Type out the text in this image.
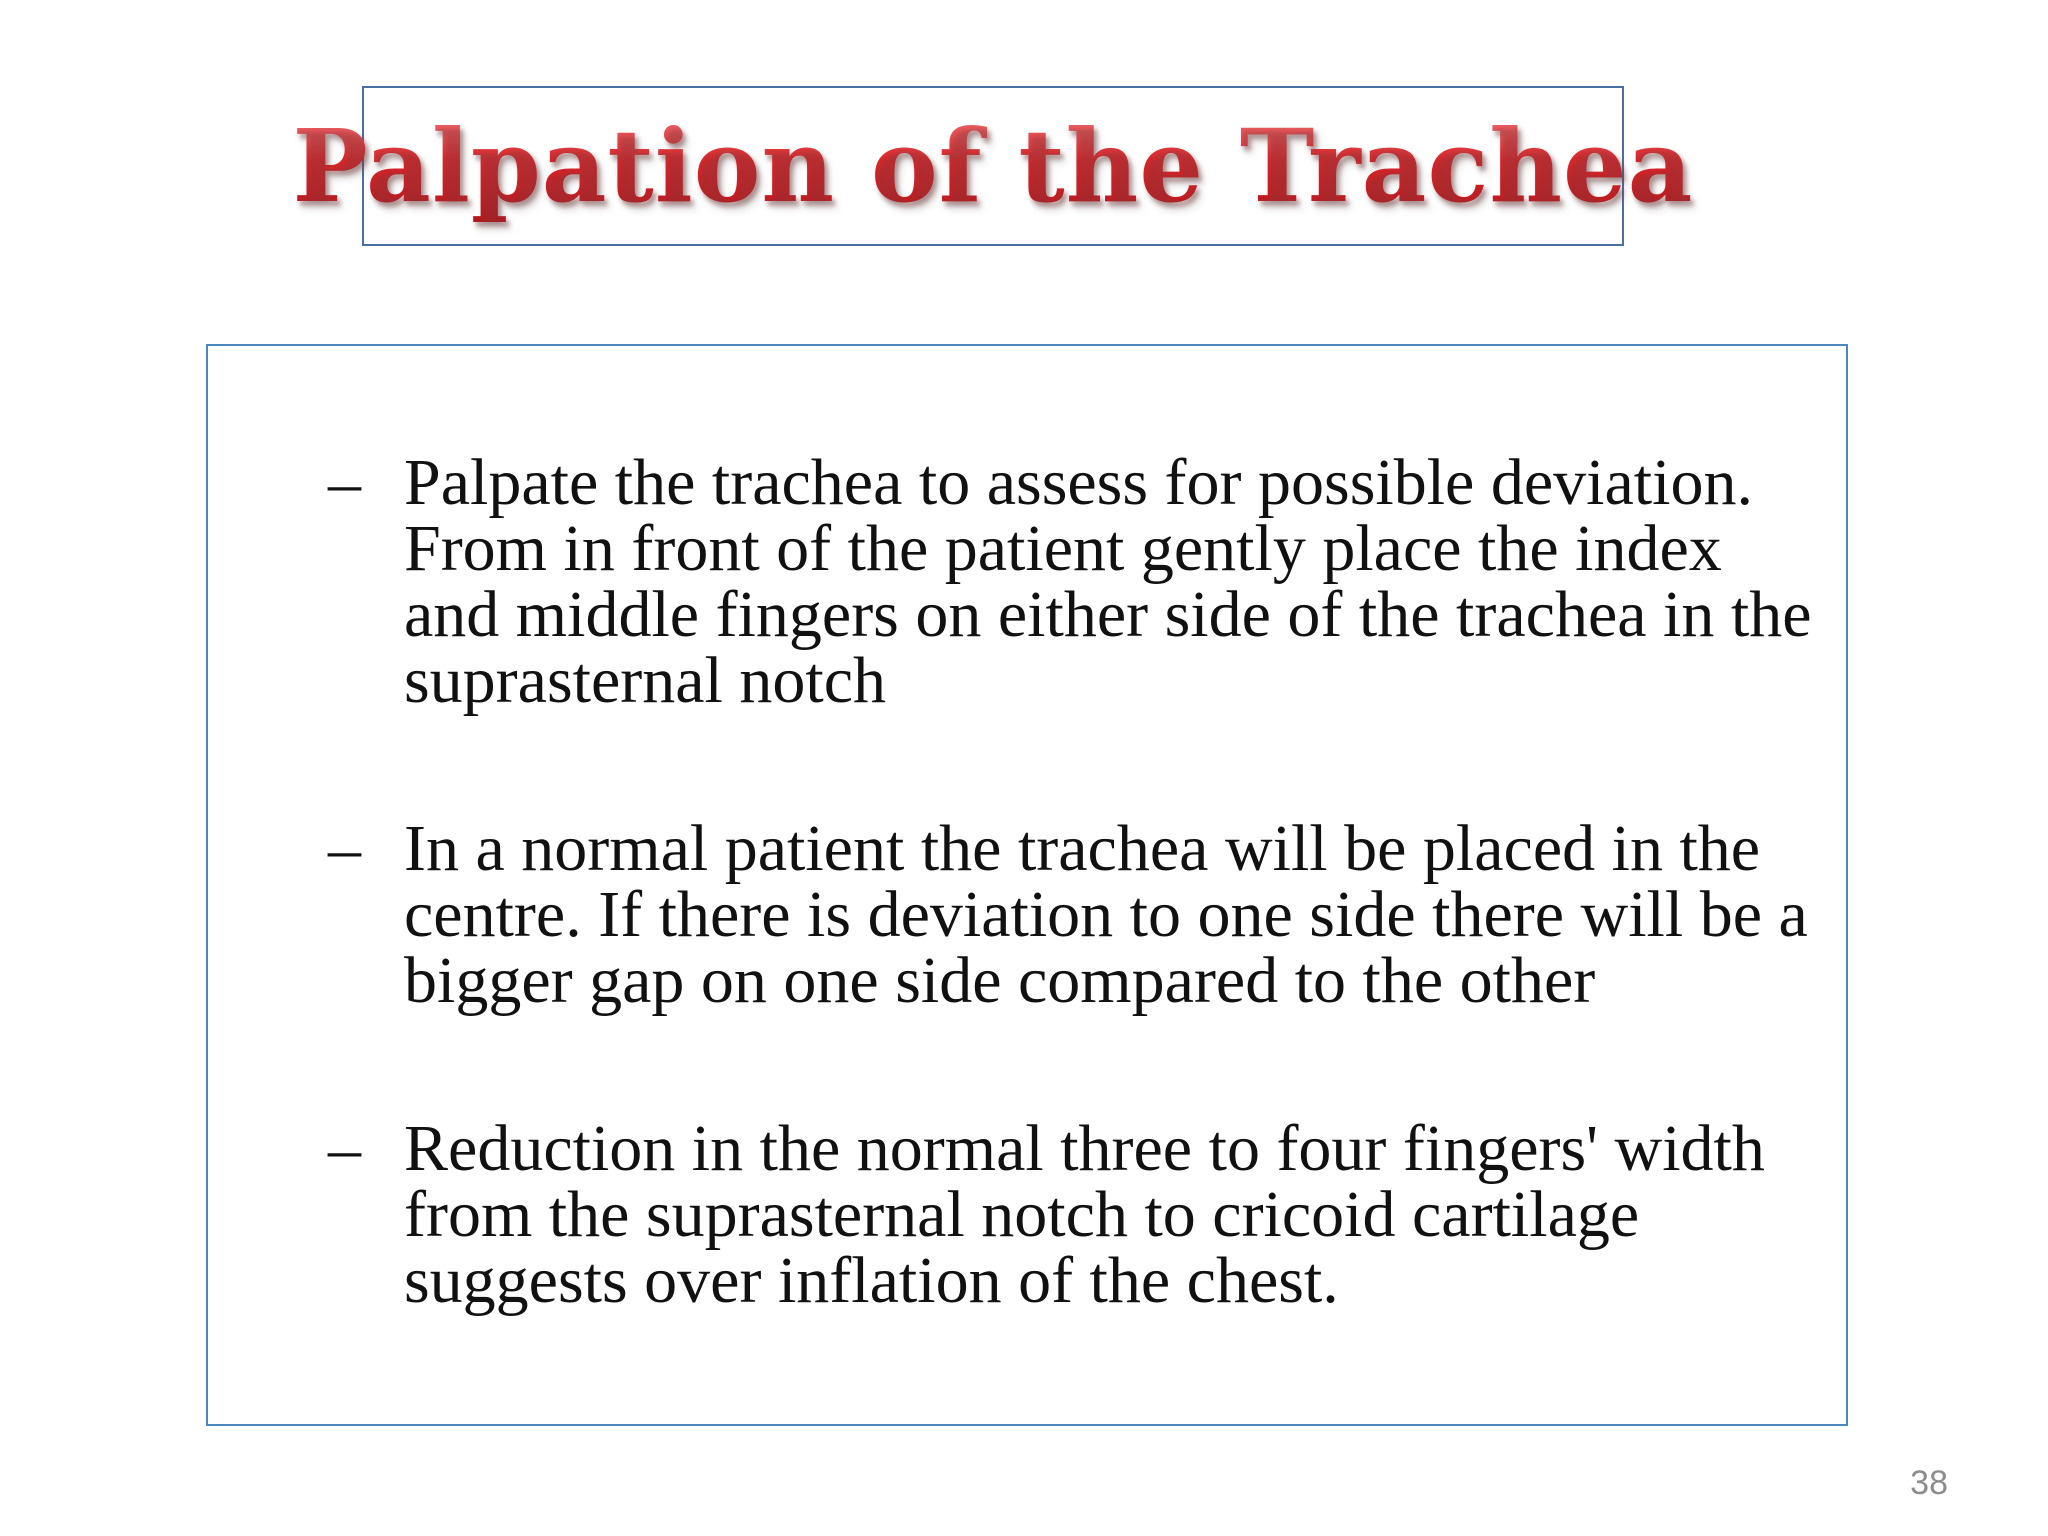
Palpation of the Trachea
– Palpate the trachea to assess for possible deviation. From in front of the patient gently place the index and middle fingers on either side of the trachea in the suprasternal notch
– In a normal patient the trachea will be placed in the centre. If there is deviation to one side there will be a bigger gap on one side compared to the other
– Reduction in the normal three to four fingers' width from the suprasternal notch to cricoid cartilage suggests over inflation of the chest.
38
